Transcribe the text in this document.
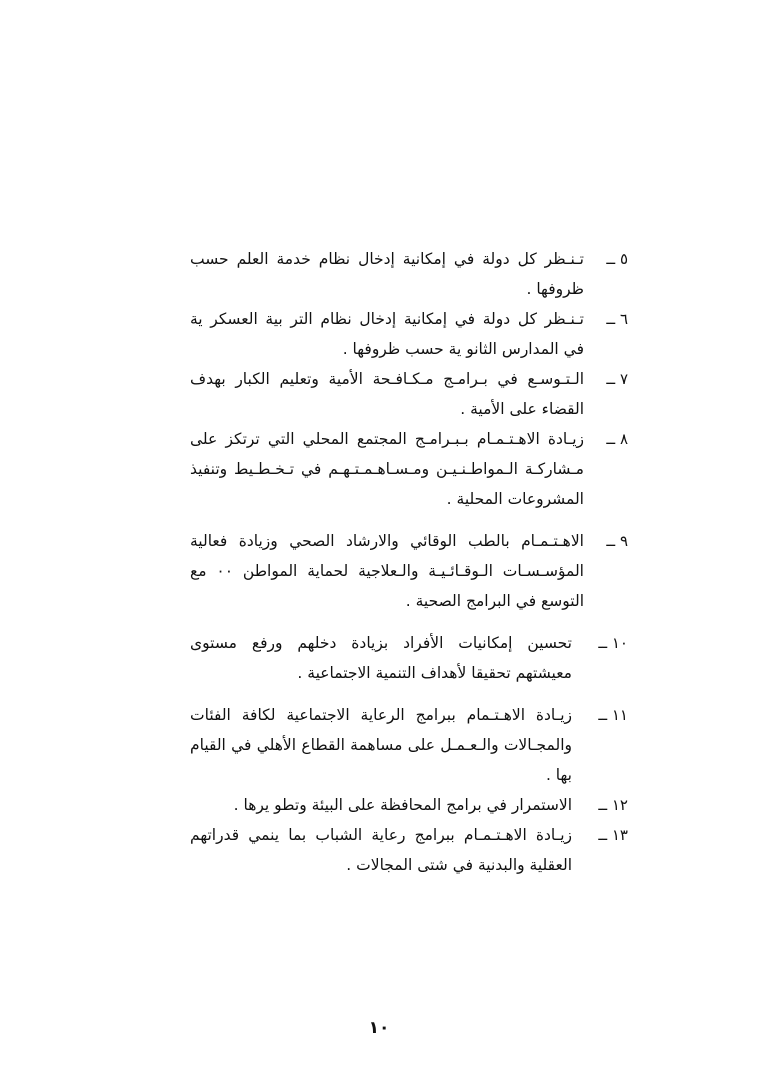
٥ ــ
تـنـظر كل دولة في إمكانية إدخال نظام خدمة العلم حسب
ظروفها .
٦ ــ
تـنـظر كل دولة في إمكانية إدخال نظام التر بية العسكر ية
في المدارس الثانو ية حسب ظروفها .
٧ ــ
الـتـوسـع في بـرامـج مـكـافـحة الأمية وتعليم الكبار بهدف
القضاء على الأمية .
٨ ــ
زيـادة الاهـتـمـام بـبـرامـج المجتمع المحلي التي ترتكز على
مـشاركـة الـمواطـنـيـن ومـسـاهـمـتـهـم في تـخـطـيط وتنفيذ
المشروعات المحلية .
٩ ــ
الاهـتـمـام بالطب الوقائي والارشاد الصحي وزيادة فعالية
المؤسـسـات الـوقـائـيـة والـعلاجية لحماية المواطن ٠٠ مع
التوسع في البرامج الصحية .
١٠ ــ
تحسين إمكانيات الأفراد بزيادة دخلهم ورفع مستوى
معيشتهم تحقيقا لأهداف التنمية الاجتماعية .
١١ ــ
زيـادة الاهـتـمام ببرامج الرعاية الاجتماعية لكافة الفئات
والمجـالات والـعـمـل على مساهمة القطاع الأهلي في القيام
بها .
١٢ ــ
الاستمرار في برامج المحافظة على البيئة وتطو يرها .
١٣ ــ
زيـادة الاهـتـمـام ببرامج رعاية الشباب بما ينمي قدراتهم
العقلية والبدنية في شتى المجالات .
١٠
